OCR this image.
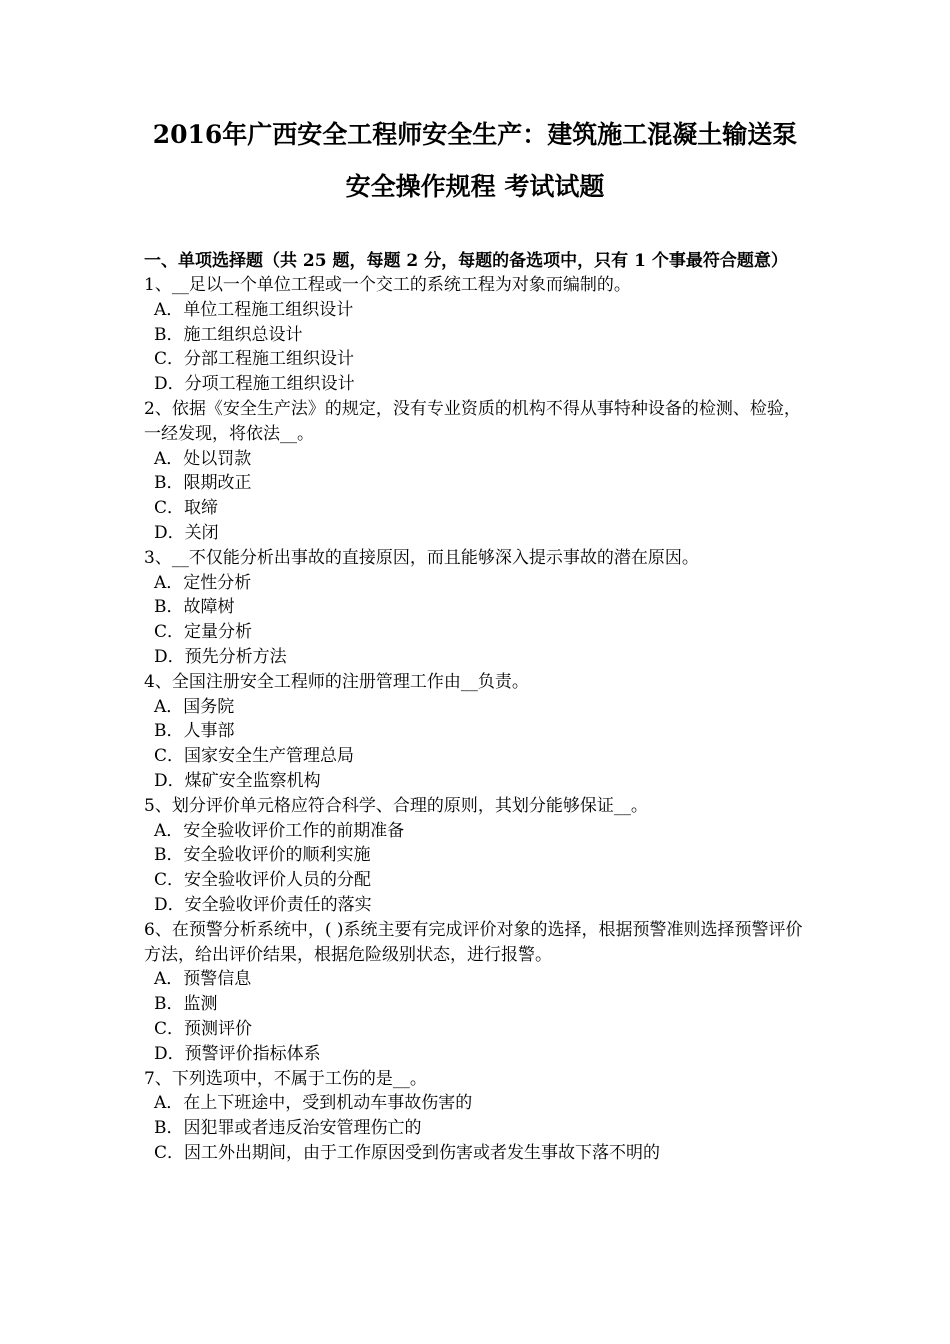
2016年广西安全工程师安全生产：建筑施工混凝土输送泵
安全操作规程 考试试题

一、单项选择题（共 25 题，每题 2 分，每题的备选项中，只有 1 个事最符合题意）

1、__足以一个单位工程或一个交工的系统工程为对象而编制的。

A．单位工程施工组织设计

B．施工组织总设计

C．分部工程施工组织设计

D．分项工程施工组织设计

2、依据《安全生产法》的规定，没有专业资质的机构不得从事特种设备的检测、检验，一经发现，将依法__。

A．处以罚款

B．限期改正

C．取缔

D．关闭

3、__不仅能分析出事故的直接原因，而且能够深入提示事故的潜在原因。

A．定性分析

B．故障树

C．定量分析

D．预先分析方法

4、全国注册安全工程师的注册管理工作由__负责。

A．国务院

B．人事部

C．国家安全生产管理总局

D．煤矿安全监察机构

5、划分评价单元格应符合科学、合理的原则，其划分能够保证__。

A．安全验收评价工作的前期准备

B．安全验收评价的顺利实施

C．安全验收评价人员的分配

D．安全验收评价责任的落实

6、在预警分析系统中，( )系统主要有完成评价对象的选择，根据预警准则选择预警评价方法，给出评价结果，根据危险级别状态，进行报警。

A．预警信息

B．监测

C．预测评价

D．预警评价指标体系

7、下列选项中，不属于工伤的是__。

A．在上下班途中，受到机动车事故伤害的

B．因犯罪或者违反治安管理伤亡的

C．因工外出期间，由于工作原因受到伤害或者发生事故下落不明的
